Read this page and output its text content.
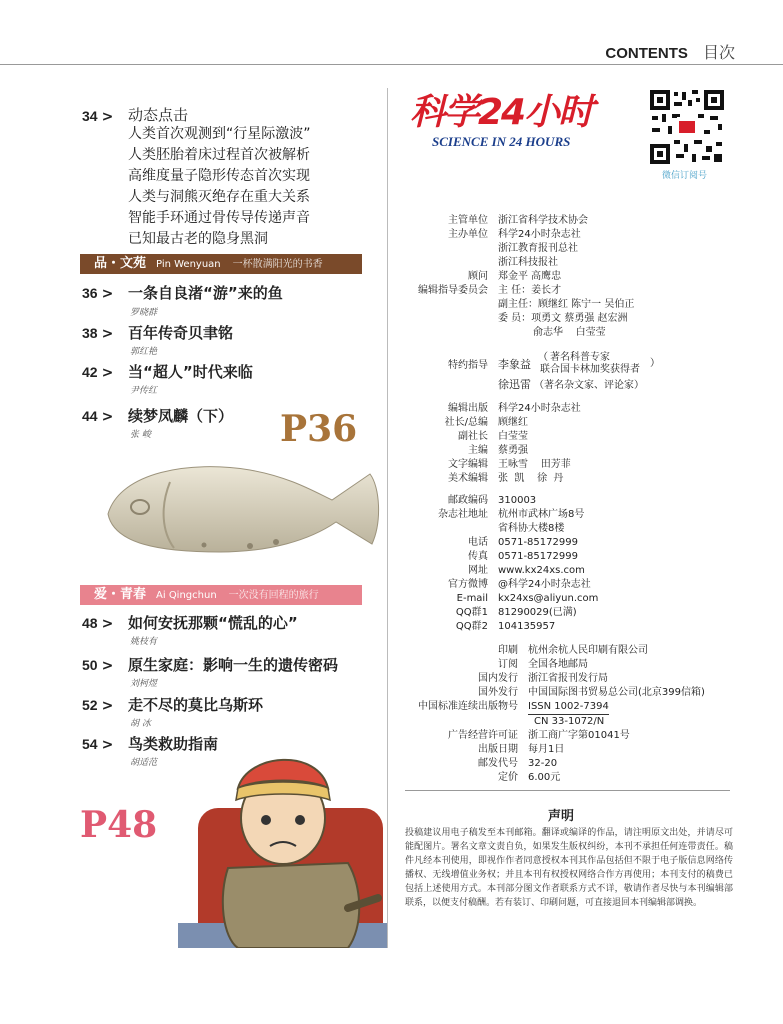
CONTENTS 目次
34 > 动态点击
人类首次观测到“行星际激波”
人类胚胎着床过程首次被解析
高维度量子隐形传态首次实现
人类与洞熊灭绝存在重大关系
智能手环通过骨传导传递声音
已知最古老的隐身黑洞
品・文苑 Pin Wenyuan 一杯散满阳光的书香
36 > 一条自良渚“游”来的鱼
罗晓群
38 > 百年传奇贝聿铭
郭红艳
42 > 当“超人”时代来临
尹传红
44 > 续梦凤麟（下）
张 峻	P36
爱・青春 Ai Qingchun 一次没有回程的旅行
48 > 如何安抚那颗“慌乱的心”
姚枝有
50 > 原生家庭：影响一生的遗传密码
刘柯煜
52 > 走不尽的莫比乌斯环
胡 冰
54 > 鸟类救助指南
胡适范
P48
科学24小时
SCIENCE IN 24 HOURS
微信订阅号
主管单位 浙江省科学技术协会
主办单位 科学24小时杂志社
浙江教育报刊总社
浙江科技报社
顾问 郑金平 高鹰忠
编辑指导委员会 主 任：姜长才
副主任：顾继红 陈宁一 吴伯正
委 员：项勇文 蔡勇强 赵宏洲
俞志华    白莹莹
特约指导 李象益
（ 著名科普专家
联合国卡林加奖获得者
）
徐迅雷 （著名杂文家、评论家）
编辑出版 科学24小时杂志社
社长/总编 顾继红
副社长 白莹莹
主编 蔡勇强
文字编辑 王咏雪    田芳菲
美术编辑 张  凯    徐  丹
邮政编码 310003
杂志社地址 杭州市武林广场8号
省科协大楼8楼
电话 0571-85172999
传真 0571-85172999
网址 www.kx24xs.com
官方微博 @科学24小时杂志社
E-mail kx24xs@aliyun.com
QQ群1 81290029(已满)
QQ群2 104135957
印刷 杭州余杭人民印刷有限公司
订阅 全国各地邮局
国内发行 浙江省报刊发行局
国外发行 中国国际图书贸易总公司(北京399信箱)
中国标准连续出版物号 ISSN 1002-7394
CN 33-1072/N
广告经营许可证 浙工商广字第01041号
出版日期 每月1日
邮发代号 32-20
定价 6.00元
声明
投稿建议用电子稿发至本刊邮箱。翻译或编译的作品，请注明原文出处，并请尽可能配图片。署名文章文责自负，如果发生版权纠纷，本刊不承担任何连带责任。稿件凡经本刊使用，即视作作者同意授权本刊其作品包括但不限于电子版信息网络传播权、无线增值业务权；并且本刊有权授权网络合作方再使用；本刊支付的稿费已包括上述使用方式。本刊部分图文作者联系方式不详，敬请作者尽快与本刊编辑部联系，以便支付稿酬。若有装订、印刷问题，可直接退回本刊编辑部调换。
